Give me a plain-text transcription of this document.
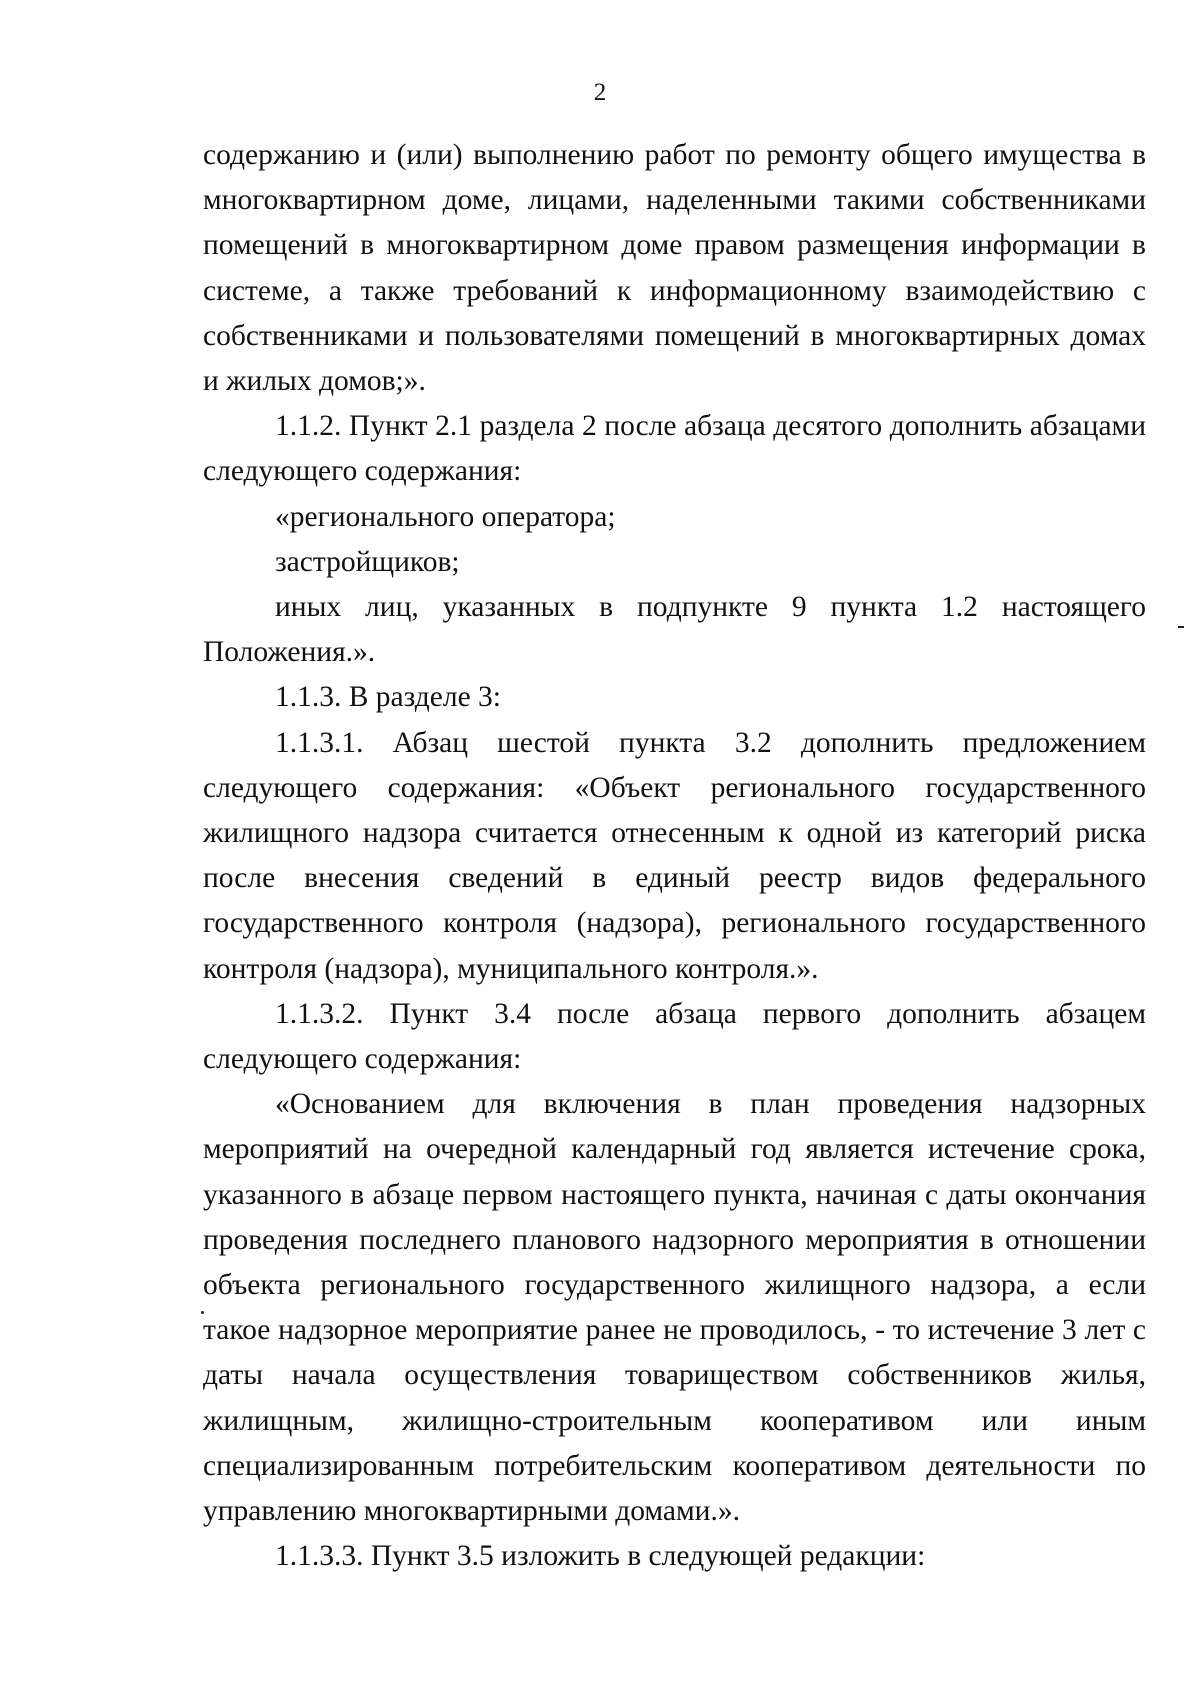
2

содержанию и (или) выполнению работ по ремонту общего имущества в многоквартирном доме, лицами, наделенными такими собственниками помещений в многоквартирном доме правом размещения информации в системе, а также требований к информационному взаимодействию с собственниками и пользователями помещений в многоквартирных домах и жилых домов;».

1.1.2. Пункт 2.1 раздела 2 после абзаца десятого дополнить абзацами следующего содержания:

«регионального оператора;

застройщиков;

иных лиц, указанных в подпункте 9 пункта 1.2 настоящего Положения.».

1.1.3. В разделе 3:

1.1.3.1. Абзац шестой пункта 3.2 дополнить предложением следующего содержания: «Объект регионального государственного жилищного надзора считается отнесенным к одной из категорий риска после внесения сведений в единый реестр видов федерального государственного контроля (надзора), регионального государственного контроля (надзора), муниципального контроля.».

1.1.3.2. Пункт 3.4 после абзаца первого дополнить абзацем следующего содержания:

«Основанием для включения в план проведения надзорных мероприятий на очередной календарный год является истечение срока, указанного в абзаце первом настоящего пункта, начиная с даты окончания проведения последнего планового надзорного мероприятия в отношении объекта регионального государственного жилищного надзора, а если такое надзорное мероприятие ранее не проводилось, - то истечение 3 лет с даты начала осуществления товариществом собственников жилья, жилищным, жилищно-строительным кооперативом или иным специализированным потребительским кооперативом деятельности по управлению многоквартирными домами.».

1.1.3.3. Пункт 3.5 изложить в следующей редакции:
